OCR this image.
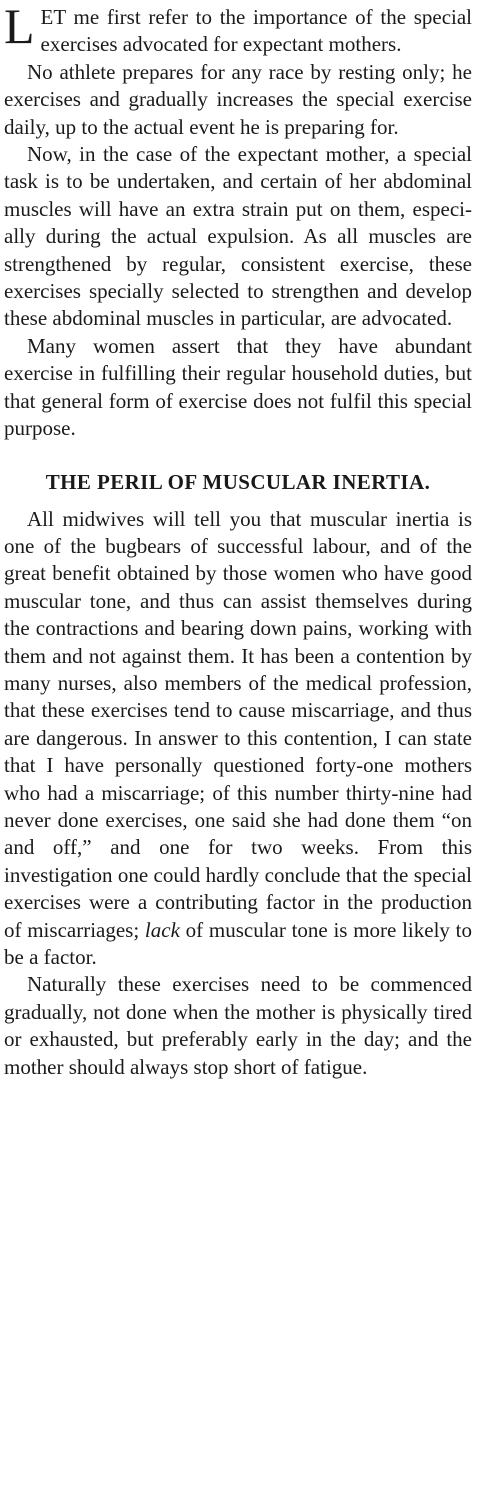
LET me first refer to the importance of the special exercises advocated for expectant mothers.

No athlete prepares for any race by resting only; he exercises and gradually increases the special exercise daily, up to the actual event he is preparing for.

Now, in the case of the expectant mother, a special task is to be undertaken, and certain of her abdominal muscles will have an extra strain put on them, especially during the actual expulsion. As all muscles are strengthened by regular, consistent exercise, these exercises specially selected to strengthen and develop these abdominal muscles in particular, are advocated.

Many women assert that they have abundant exercise in fulfilling their regular household duties, but that general form of exercise does not fulfil this special purpose.

THE PERIL OF MUSCULAR INERTIA.

All midwives will tell you that muscular inertia is one of the bugbears of successful labour, and of the great benefit obtained by those women who have good muscular tone, and thus can assist themselves during the contractions and bearing down pains, working with them and not against them. It has been a contention by many nurses, also members of the medical profession, that these exercises tend to cause miscarriage, and thus are dangerous. In answer to this contention, I can state that I have personally questioned forty-one mothers who had a miscarriage; of this number thirty-nine had never done exercises, one said she had done them “on and off,” and one for two weeks. From this investigation one could hardly conclude that the special exercises were a contributing factor in the production of miscarriages; lack of muscular tone is more likely to be a factor.

Naturally these exercises need to be commenced gradually, not done when the mother is physically tired or exhausted, but preferably early in the day; and the mother should always stop short of fatigue.
